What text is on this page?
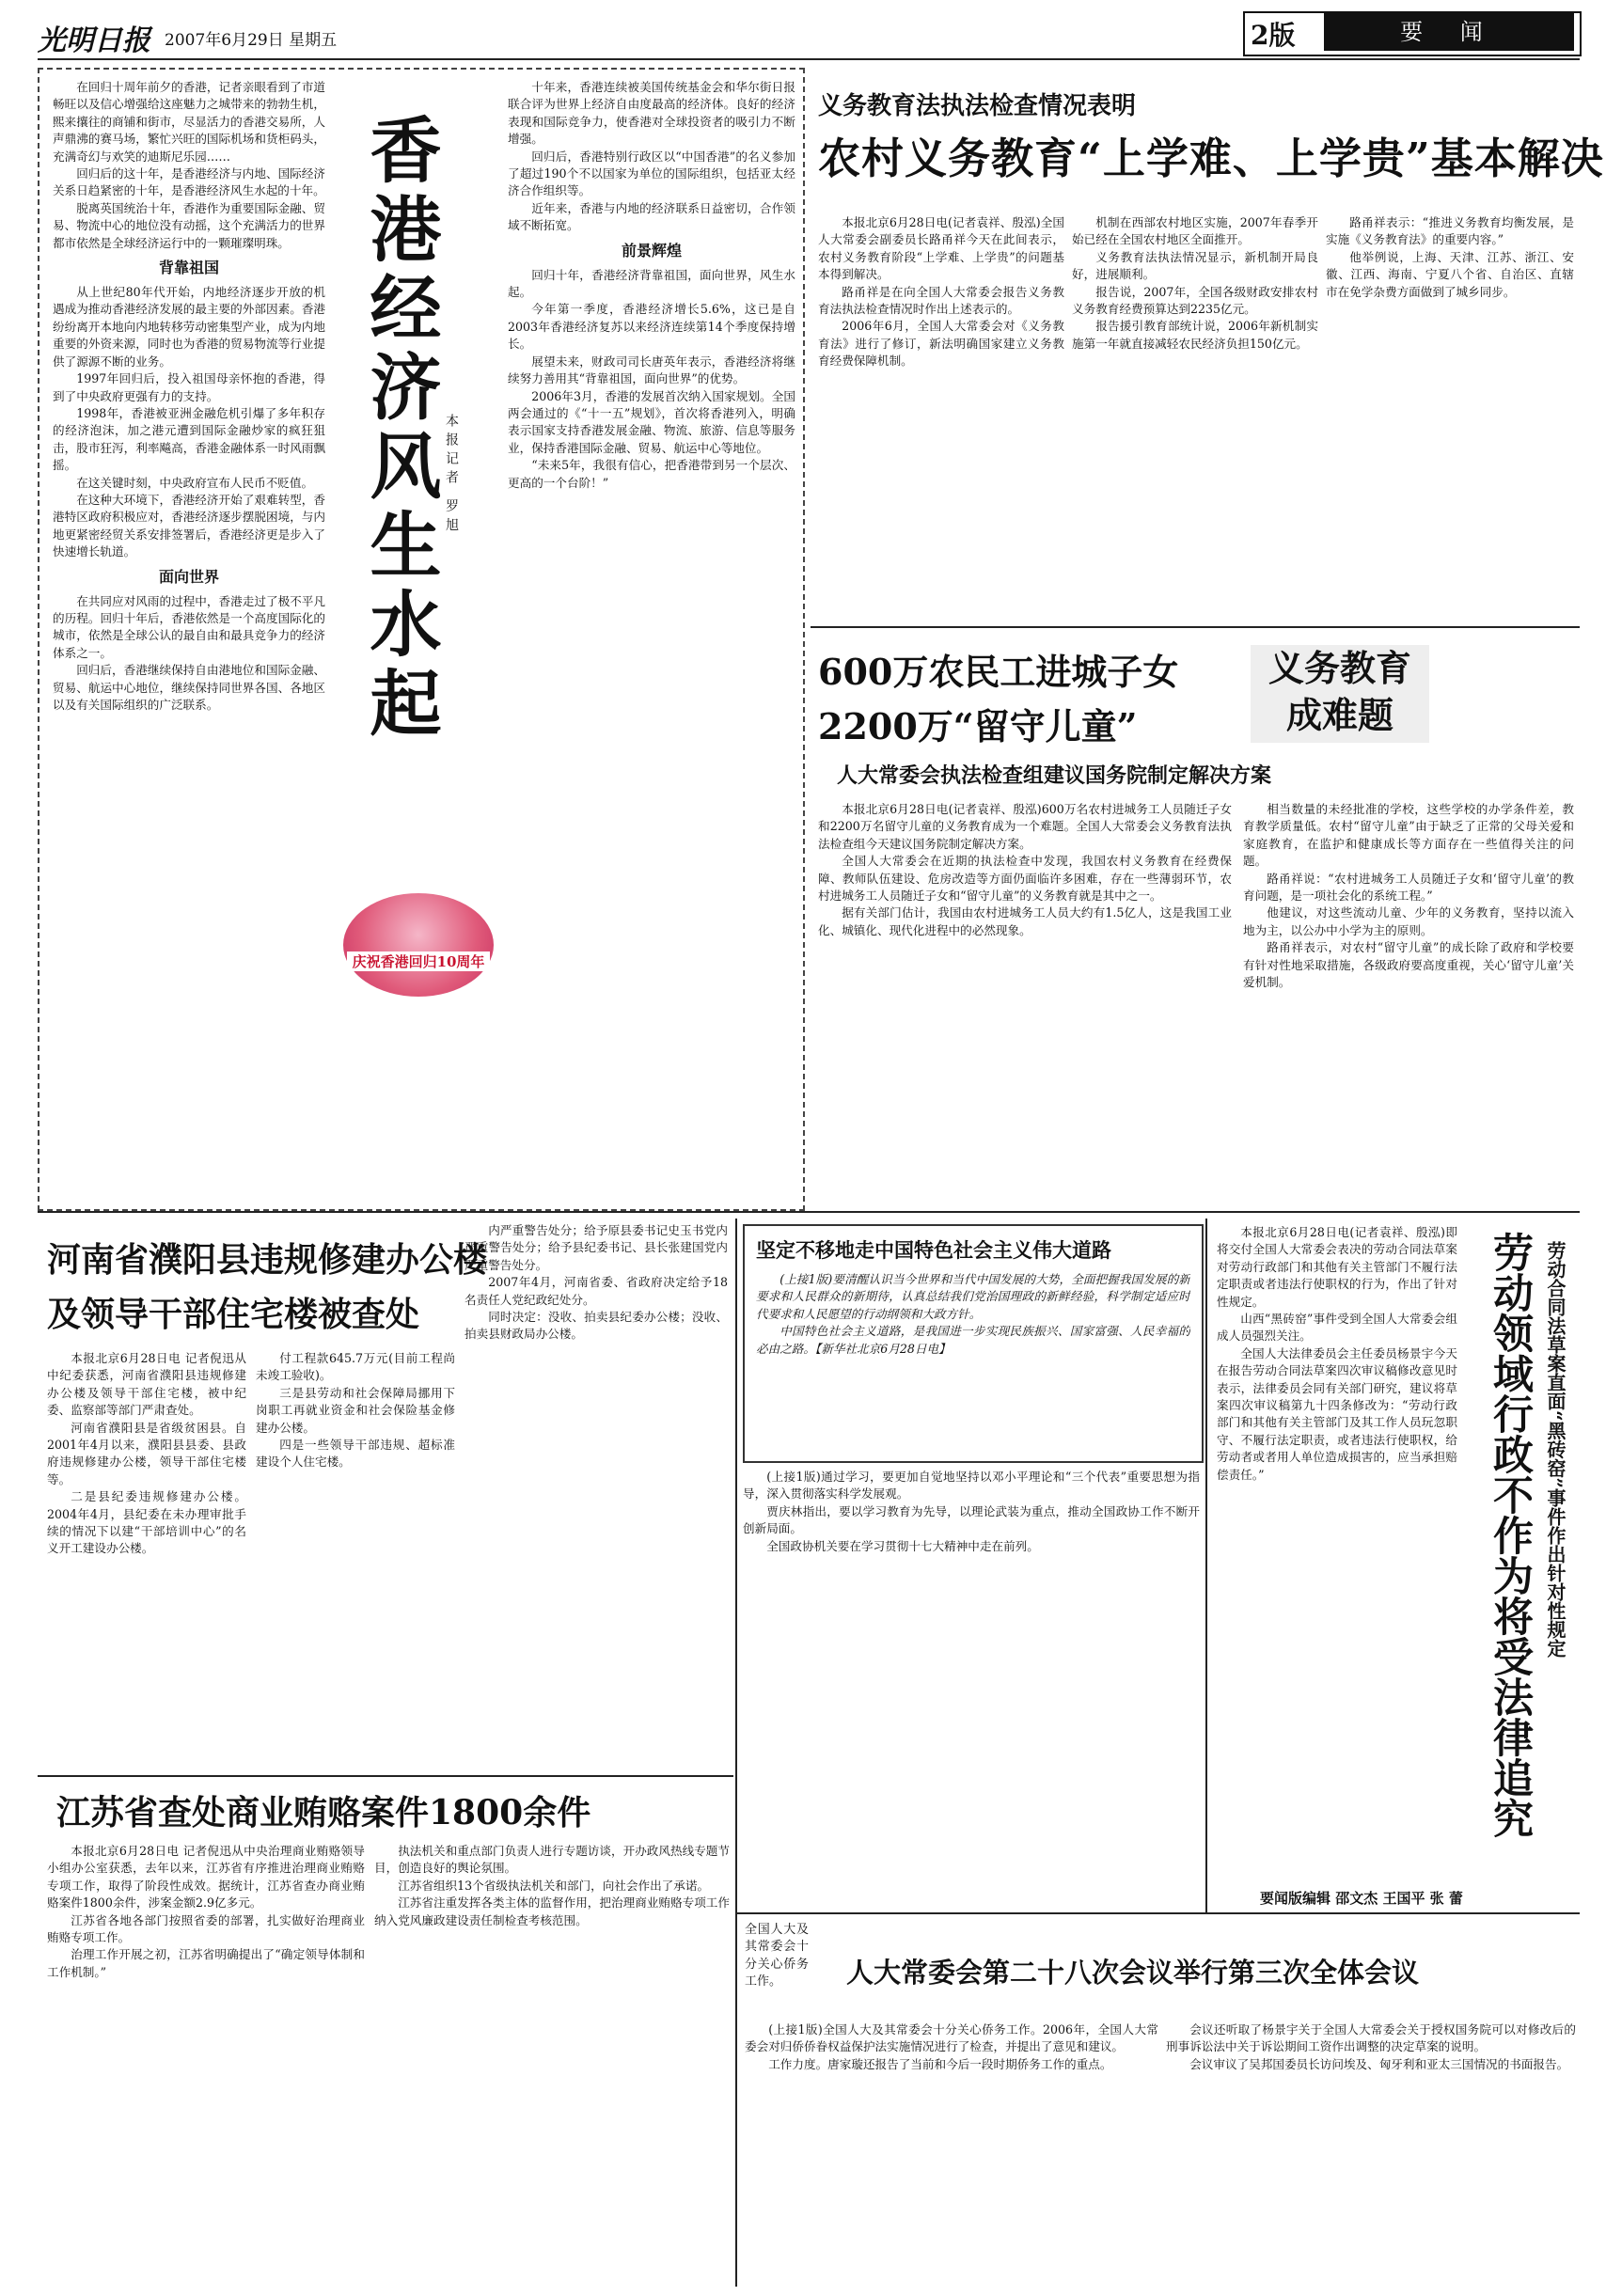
光明日报 2007年6月29日 星期五	2版	要 闻

在回归十周年前夕的香港，记者亲眼看到了市道畅旺以及信心增强给这座魅力之城带来的勃勃生机，熙来攘往的商铺和街市，尽显活力的香港交易所，人声鼎沸的赛马场，繁忙兴旺的国际机场和货柜码头，充满奇幻与欢笑的迪斯尼乐园……

回归后的这十年，是香港经济与内地、国际经济关系日趋紧密的十年，是香港经济风生水起的十年。

脱离英国统治十年，香港作为重要国际金融、贸易、物流中心的地位没有动摇，这个充满活力的世界都市依然是全球经济运行中的一颗璀璨明珠。

背靠祖国

从上世纪80年代开始，内地经济逐步开放的机遇成为推动香港经济发展的最主要的外部因素。香港纷纷离开本地向内地转移劳动密集型产业，成为内地重要的外资来源，同时也为香港的贸易物流等行业提供了源源不断的业务。

1997年回归后，投入祖国母亲怀抱的香港，得到了中央政府更强有力的支持。

1998年，香港被亚洲金融危机引爆了多年积存的经济泡沫，加之港元遭到国际金融炒家的疯狂狙击，股市狂泻，利率飚高，香港金融体系一时风雨飘摇。

在这关键时刻，中央政府宣布人民币不贬值。

在这种大环境下，香港经济开始了艰难转型，香港特区政府积极应对，香港经济逐步摆脱困境，与内地更紧密经贸关系安排签署后，香港经济更是步入了快速增长轨道。

面向世界

在共同应对风雨的过程中，香港走过了极不平凡的历程。回归十年后，香港依然是一个高度国际化的城市，依然是全球公认的最自由和最具竞争力的经济体系之一。

回归后，香港继续保持自由港地位和国际金融、贸易、航运中心地位，继续保持同世界各国、各地区以及有关国际组织的广泛联系。	香港经济风生水起 本报记者 罗旭
庆祝香港回归10周年

十年来，香港连续被美国传统基金会和华尔街日报联合评为世界上经济自由度最高的经济体。良好的经济表现和国际竞争力，使香港对全球投资者的吸引力不断增强。

回归后，香港特别行政区以“中国香港”的名义参加了超过190个不以国家为单位的国际组织，包括亚太经济合作组织等。

近年来，香港与内地的经济联系日益密切，合作领域不断拓宽。

前景辉煌

回归十年，香港经济背靠祖国，面向世界，风生水起。

今年第一季度，香港经济增长5.6%，这已是自2003年香港经济复苏以来经济连续第14个季度保持增长。

展望未来，财政司司长唐英年表示，香港经济将继续努力善用其“背靠祖国，面向世界”的优势。

2006年3月，香港的发展首次纳入国家规划。全国两会通过的《“十一五”规划》，首次将香港列入，明确表示国家支持香港发展金融、物流、旅游、信息等服务业，保持香港国际金融、贸易、航运中心等地位。

“未来5年，我很有信心，把香港带到另一个层次、更高的一个台阶！”

义务教育法执法检查情况表明
农村义务教育“上学难、上学贵”基本解决

本报北京6月28日电(记者袁祥、殷泓)全国人大常委会副委员长路甬祥今天在此间表示，农村义务教育阶段“上学难、上学贵”的问题基本得到解决。

路甬祥是在向全国人大常委会报告义务教育法执法检查情况时作出上述表示的。

2006年6月，全国人大常委会对《义务教育法》进行了修订，新法明确国家建立义务教育经费保障机制。

机制在西部农村地区实施，2007年春季开始已经在全国农村地区全面推开。

义务教育法执法情况显示，新机制开局良好，进展顺利。

报告说，2007年，全国各级财政安排农村义务教育经费预算达到2235亿元。

报告援引教育部统计说，2006年新机制实施第一年就直接减轻农民经济负担150亿元。

路甬祥表示：“推进义务教育均衡发展，是实施《义务教育法》的重要内容。”

他举例说，上海、天津、江苏、浙江、安徽、江西、海南、宁夏八个省、自治区、直辖市在免学杂费方面做到了城乡同步。

600万农民工进城子女
2200万“留守儿童”
义务教育
成难题
人大常委会执法检查组建议国务院制定解决方案

本报北京6月28日电(记者袁祥、殷泓)600万名农村进城务工人员随迁子女和2200万名留守儿童的义务教育成为一个难题。全国人大常委会义务教育法执法检查组今天建议国务院制定解决方案。

全国人大常委会在近期的执法检查中发现，我国农村义务教育在经费保障、教师队伍建设、危房改造等方面仍面临许多困难，存在一些薄弱环节，农村进城务工人员随迁子女和“留守儿童”的义务教育就是其中之一。

据有关部门估计，我国由农村进城务工人员大约有1.5亿人，这是我国工业化、城镇化、现代化进程中的必然现象。

相当数量的未经批准的学校，这些学校的办学条件差，教育教学质量低。农村“留守儿童”由于缺乏了正常的父母关爱和家庭教育，在监护和健康成长等方面存在一些值得关注的问题。

路甬祥说：“农村进城务工人员随迁子女和‘留守儿童’的教育问题，是一项社会化的系统工程。”

他建议，对这些流动儿童、少年的义务教育，坚持以流入地为主，以公办中小学为主的原则。

路甬祥表示，对农村“留守儿童”的成长除了政府和学校要有针对性地采取措施，各级政府要高度重视，关心‘留守儿童’关爱机制。

河南省濮阳县违规修建办公楼
及领导干部住宅楼被查处

本报北京6月28日电 记者倪迅从中纪委获悉，河南省濮阳县违规修建办公楼及领导干部住宅楼，被中纪委、监察部等部门严肃查处。

河南省濮阳县是省级贫困县。自2001年4月以来，濮阳县县委、县政府违规修建办公楼，领导干部住宅楼等。

二是县纪委违规修建办公楼。2004年4月，县纪委在未办理审批手续的情况下以建“干部培训中心”的名义开工建设办公楼。

付工程款645.7万元(目前工程尚未竣工验收)。

三是县劳动和社会保障局挪用下岗职工再就业资金和社会保险基金修建办公楼。

四是一些领导干部违规、超标准建设个人住宅楼。

内严重警告处分；给予原县委书记史玉书党内严重警告处分；给予县纪委书记、县长张建国党内严重警告处分。

2007年4月，河南省委、省政府决定给予18名责任人党纪政纪处分。

同时决定：没收、拍卖县纪委办公楼；没收、拍卖县财政局办公楼。

江苏省查处商业贿赂案件1800余件

本报北京6月28日电 记者倪迅从中央治理商业贿赂领导小组办公室获悉，去年以来，江苏省有序推进治理商业贿赂专项工作，取得了阶段性成效。据统计，江苏省查办商业贿赂案件1800余件，涉案金额2.9亿多元。

江苏省各地各部门按照省委的部署，扎实做好治理商业贿赂专项工作。

治理工作开展之初，江苏省明确提出了“确定领导体制和工作机制。”

执法机关和重点部门负责人进行专题访谈，开办政风热线专题节目，创造良好的舆论氛围。

江苏省组织13个省级执法机关和部门，向社会作出了承诺。

江苏省注重发挥各类主体的监督作用，把治理商业贿赂专项工作纳入党风廉政建设责任制检查考核范围。

坚定不移地走中国特色社会主义伟大道路

(上接1版)要清醒认识当今世界和当代中国发展的大势，全面把握我国发展的新要求和人民群众的新期待，认真总结我们党治国理政的新鲜经验，科学制定适应时代要求和人民愿望的行动纲领和大政方针。

中国特色社会主义道路，是我国进一步实现民族振兴、国家富强、人民幸福的必由之路。【新华社北京6月28日电】

(上接1版)通过学习，要更加自觉地坚持以邓小平理论和“三个代表”重要思想为指导，深入贯彻落实科学发展观。

贾庆林指出，要以学习教育为先导，以理论武装为重点，推动全国政协工作不断开创新局面。

全国政协机关要在学习贯彻十七大精神中走在前列。

本报北京6月28日电(记者袁祥、殷泓)即将交付全国人大常委会表决的劳动合同法草案对劳动行政部门和其他有关主管部门不履行法定职责或者违法行使职权的行为，作出了针对性规定。

山西“黑砖窑”事件受到全国人大常委会组成人员强烈关注。

全国人大法律委员会主任委员杨景宇今天在报告劳动合同法草案四次审议稿修改意见时表示，法律委员会同有关部门研究，建议将草案四次审议稿第九十四条修改为：“劳动行政部门和其他有关主管部门及其工作人员玩忽职守、不履行法定职责，或者违法行使职权，给劳动者或者用人单位造成损害的，应当承担赔偿责任。”	劳动领域行政不作为将受法律追究 劳动合同法草案直面“黑砖窑”事件作出针对性规定
要闻版编辑 邵文杰 王国平 张 蕾
全国人大及其常委会十分关心侨务工作。	人大常委会第二十八次会议举行第三次全体会议

(上接1版)全国人大及其常委会十分关心侨务工作。2006年，全国人大常委会对归侨侨眷权益保护法实施情况进行了检查，并提出了意见和建议。

工作力度。唐家璇还报告了当前和今后一段时期侨务工作的重点。

会议还听取了杨景宇关于全国人大常委会关于授权国务院可以对修改后的刑事诉讼法中关于诉讼期间工资作出调整的决定草案的说明。

会议审议了吴邦国委员长访问埃及、匈牙利和亚太三国情况的书面报告。
